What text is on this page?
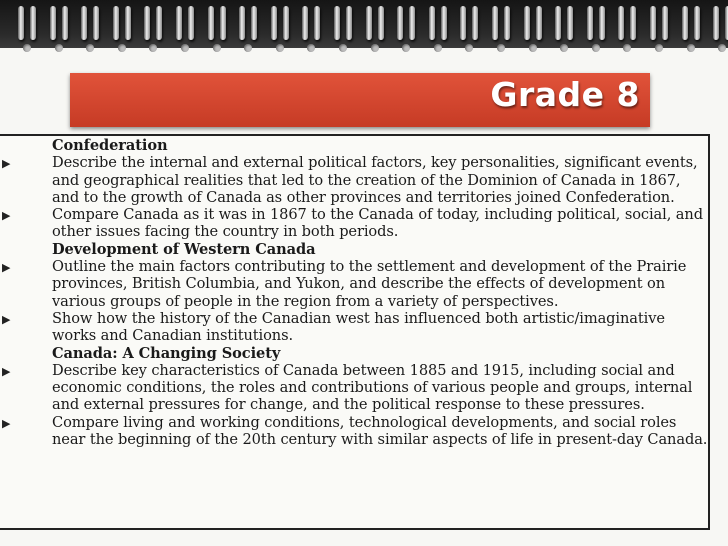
Grade 8
Confederation
▶	Describe the internal and external political factors, key personalities, significant events, and geographical realities that led to the creation of the Dominion of Canada in 1867, and to the growth of Canada as other provinces and territories joined Confederation.
▶	Compare Canada as it was in 1867 to the Canada of today, including political, social, and other issues facing the country in both periods.
Development of Western Canada
▶	Outline the main factors contributing to the settlement and development of the Prairie provinces, British Columbia, and Yukon, and describe the effects of development on various groups of people in the region from a variety of perspectives.
▶	Show how the history of the Canadian west has influenced both artistic/imaginative works and Canadian institutions.
Canada: A Changing Society
▶	Describe key characteristics of Canada between 1885 and 1915, including social and economic conditions, the roles and contributions of various people and groups, internal and external pressures for change, and the political response to these pressures.
▶	Compare living and working conditions, technological developments, and social roles near the beginning of the 20th century with similar aspects of life in present-day Canada.
